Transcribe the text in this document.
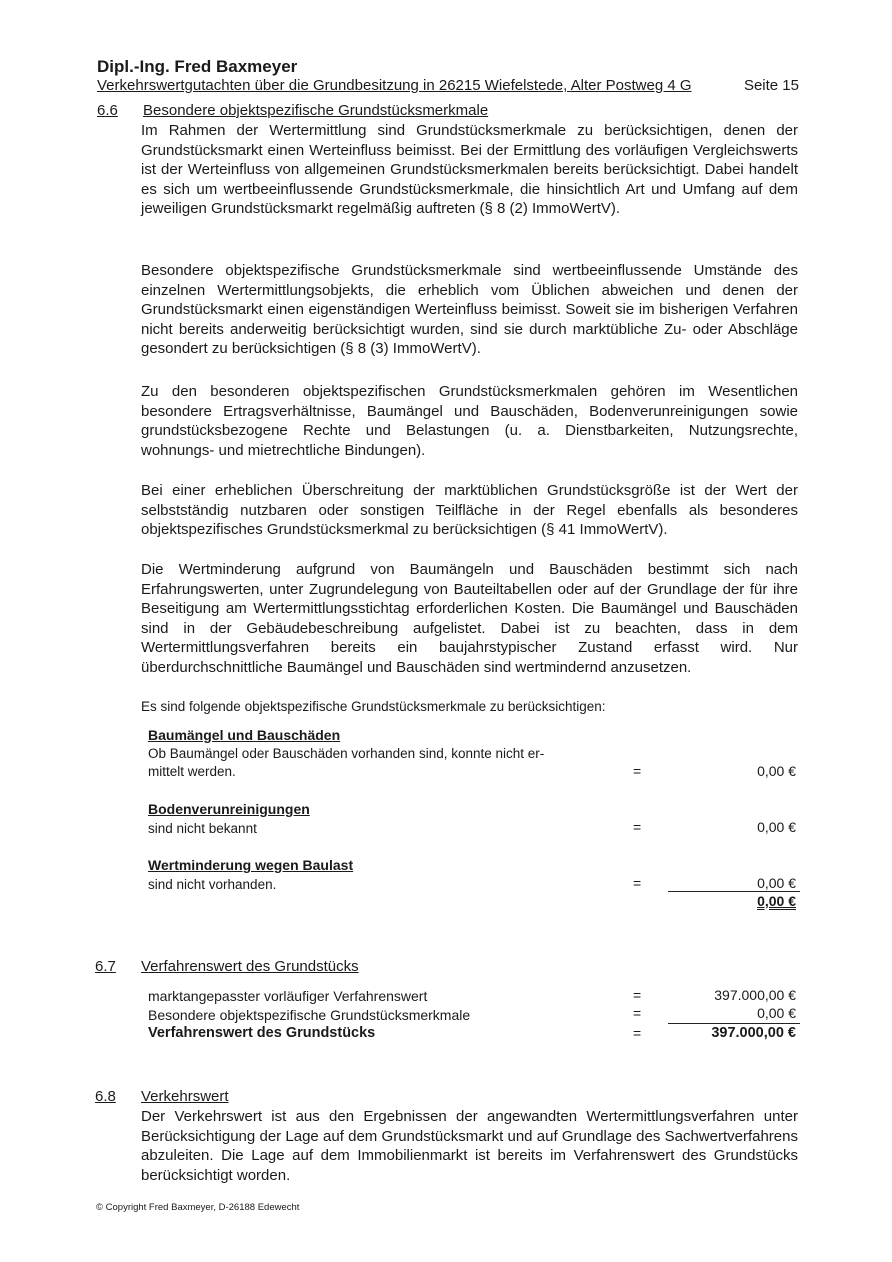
Dipl.-Ing. Fred Baxmeyer
Verkehrswertgutachten über die Grundbesitzung in 26215 Wiefelstede, Alter Postweg 4 G	Seite 15
6.6 Besondere objektspezifische Grundstücksmerkmale

Im Rahmen der Wertermittlung sind Grundstücksmerkmale zu berücksichtigen, denen der Grundstücksmarkt einen Werteinfluss beimisst. Bei der Ermittlung des vorläufigen Vergleichswerts ist der Werteinfluss von allgemeinen Grundstücksmerkmalen bereits berücksichtigt. Dabei handelt es sich um wertbeeinflussende Grundstücksmerkmale, die hinsichtlich Art und Umfang auf dem jeweiligen Grundstücksmarkt regelmäßig auftreten (§ 8 (2) ImmoWertV).

Besondere objektspezifische Grundstücksmerkmale sind wertbeeinflussende Umstände des einzelnen Wertermittlungsobjekts, die erheblich vom Üblichen abweichen und denen der Grundstücksmarkt einen eigenständigen Werteinfluss beimisst. Soweit sie im bisherigen Verfahren nicht bereits anderweitig berücksichtigt wurden, sind sie durch marktübliche Zu- oder Abschläge gesondert zu berücksichtigen (§ 8 (3) ImmoWertV).

Zu den besonderen objektspezifischen Grundstücksmerkmalen gehören im Wesentlichen besondere Ertragsverhältnisse, Baumängel und Bauschäden, Bodenverunreinigungen sowie grundstücksbezogene Rechte und Belastungen (u. a. Dienstbarkeiten, Nutzungsrechte, wohnungs- und mietrechtliche Bindungen).

Bei einer erheblichen Überschreitung der marktüblichen Grundstücksgröße ist der Wert der selbstständig nutzbaren oder sonstigen Teilfläche in der Regel ebenfalls als besonderes objektspezifisches Grundstücksmerkmal zu berücksichtigen (§ 41 ImmoWertV).

Die Wertminderung aufgrund von Baumängeln und Bauschäden bestimmt sich nach Erfahrungswerten, unter Zugrundelegung von Bauteiltabellen oder auf der Grundlage der für ihre Beseitigung am Wertermittlungsstichtag erforderlichen Kosten. Die Baumängel und Bauschäden sind in der Gebäudebeschreibung aufgelistet. Dabei ist zu beachten, dass in dem Wertermittlungsverfahren bereits ein baujahrstypischer Zustand erfasst wird. Nur überdurchschnittliche Baumängel und Bauschäden sind wertmindernd anzusetzen.

Es sind folgende objektspezifische Grundstücksmerkmale zu berücksichtigen:
Baumängel und Bauschäden
Ob Baumängel oder Bauschäden vorhanden sind, konnte nicht er-
mittelt werden.	=	0,00 €
Bodenverunreinigungen
sind nicht bekannt	=	0,00 €
Wertminderung wegen Baulast
sind nicht vorhanden.	=	0,00 €
0,00 €
6.7 Verfahrenswert des Grundstücks
marktangepasster vorläufiger Verfahrenswert	=	397.000,00 €
Besondere objektspezifische Grundstücksmerkmale	=	0,00 €
Verfahrenswert des Grundstücks	=	397.000,00 €
6.8 Verkehrswert

Der Verkehrswert ist aus den Ergebnissen der angewandten Wertermittlungsverfahren unter Berücksichtigung der Lage auf dem Grundstücksmarkt und auf Grundlage des Sachwertverfahrens abzuleiten. Die Lage auf dem Immobilienmarkt ist bereits im Verfahrenswert des Grundstücks berücksichtigt worden.

© Copyright Fred Baxmeyer, D-26188 Edewecht
